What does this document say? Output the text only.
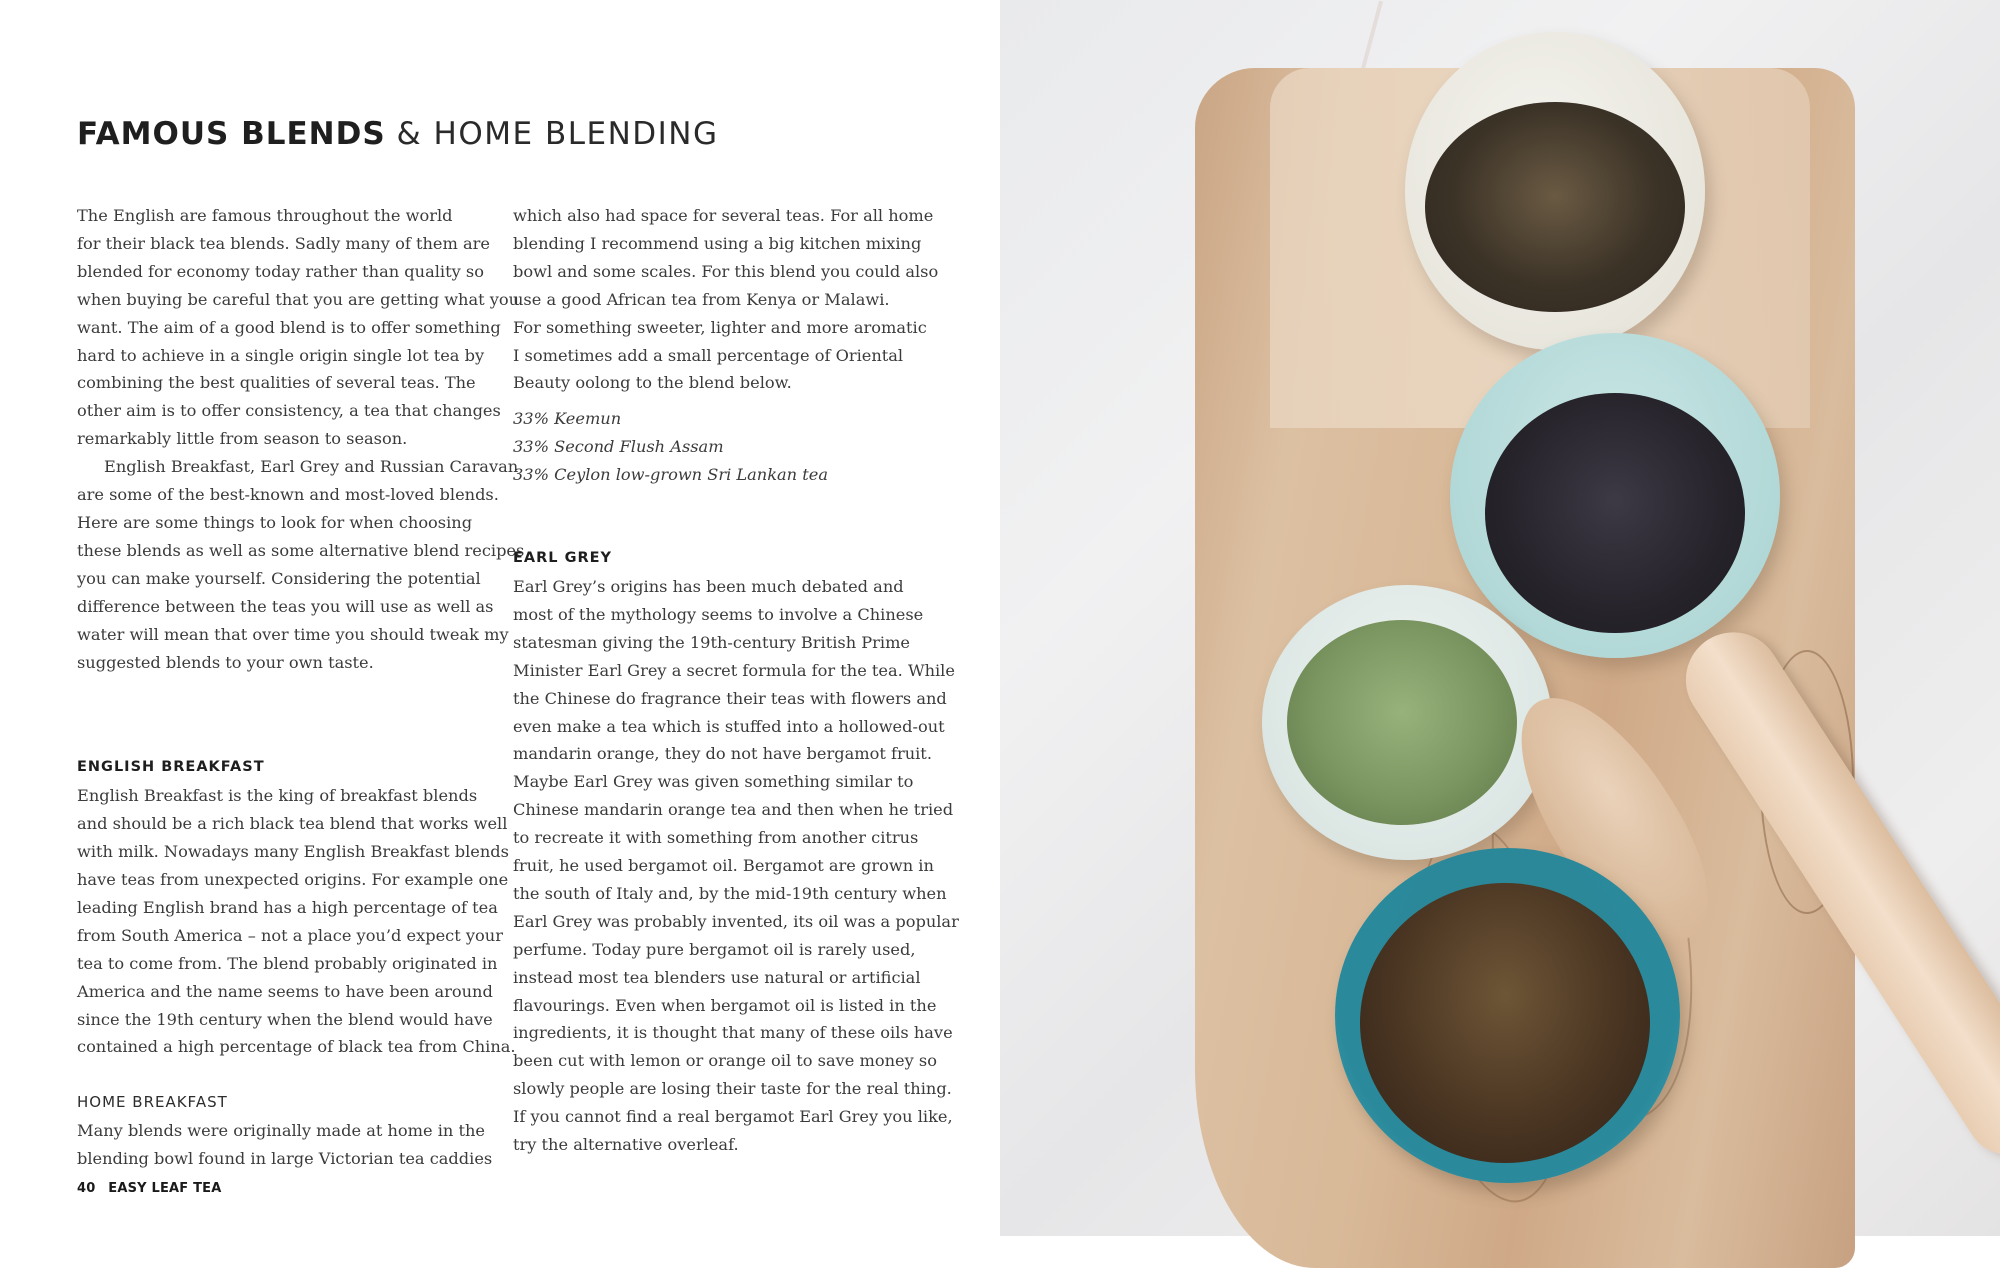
FAMOUS BLENDS & HOME BLENDING
The English are famous throughout the world
for their black tea blends. Sadly many of them are
blended for economy today rather than quality so
when buying be careful that you are getting what you
want. The aim of a good blend is to offer something
hard to achieve in a single origin single lot tea by
combining the best qualities of several teas. The
other aim is to offer consistency, a tea that changes
remarkably little from season to season.
English Breakfast, Earl Grey and Russian Caravan
are some of the best-known and most-loved blends.
Here are some things to look for when choosing
these blends as well as some alternative blend recipes
you can make yourself. Considering the potential
difference between the teas you will use as well as
water will mean that over time you should tweak my
suggested blends to your own taste.
ENGLISH BREAKFAST
English Breakfast is the king of breakfast blends
and should be a rich black tea blend that works well
with milk. Nowadays many English Breakfast blends
have teas from unexpected origins. For example one
leading English brand has a high percentage of tea
from South America – not a place you’d expect your
tea to come from. The blend probably originated in
America and the name seems to have been around
since the 19th century when the blend would have
contained a high percentage of black tea from China.
HOME BREAKFAST
Many blends were originally made at home in the
blending bowl found in large Victorian tea caddies
which also had space for several teas. For all home
blending I recommend using a big kitchen mixing
bowl and some scales. For this blend you could also
use a good African tea from Kenya or Malawi.
For something sweeter, lighter and more aromatic
I sometimes add a small percentage of Oriental
Beauty oolong to the blend below.
33% Keemun
33% Second Flush Assam
33% Ceylon low-grown Sri Lankan tea
EARL GREY
Earl Grey’s origins has been much debated and
most of the mythology seems to involve a Chinese
statesman giving the 19th-century British Prime
Minister Earl Grey a secret formula for the tea. While
the Chinese do fragrance their teas with flowers and
even make a tea which is stuffed into a hollowed-out
mandarin orange, they do not have bergamot fruit.
Maybe Earl Grey was given something similar to
Chinese mandarin orange tea and then when he tried
to recreate it with something from another citrus
fruit, he used bergamot oil. Bergamot are grown in
the south of Italy and, by the mid-19th century when
Earl Grey was probably invented, its oil was a popular
perfume. Today pure bergamot oil is rarely used,
instead most tea blenders use natural or artificial
flavourings. Even when bergamot oil is listed in the
ingredients, it is thought that many of these oils have
been cut with lemon or orange oil to save money so
slowly people are losing their taste for the real thing.
If you cannot find a real bergamot Earl Grey you like,
try the alternative overleaf.
40 EASY LEAF TEA
